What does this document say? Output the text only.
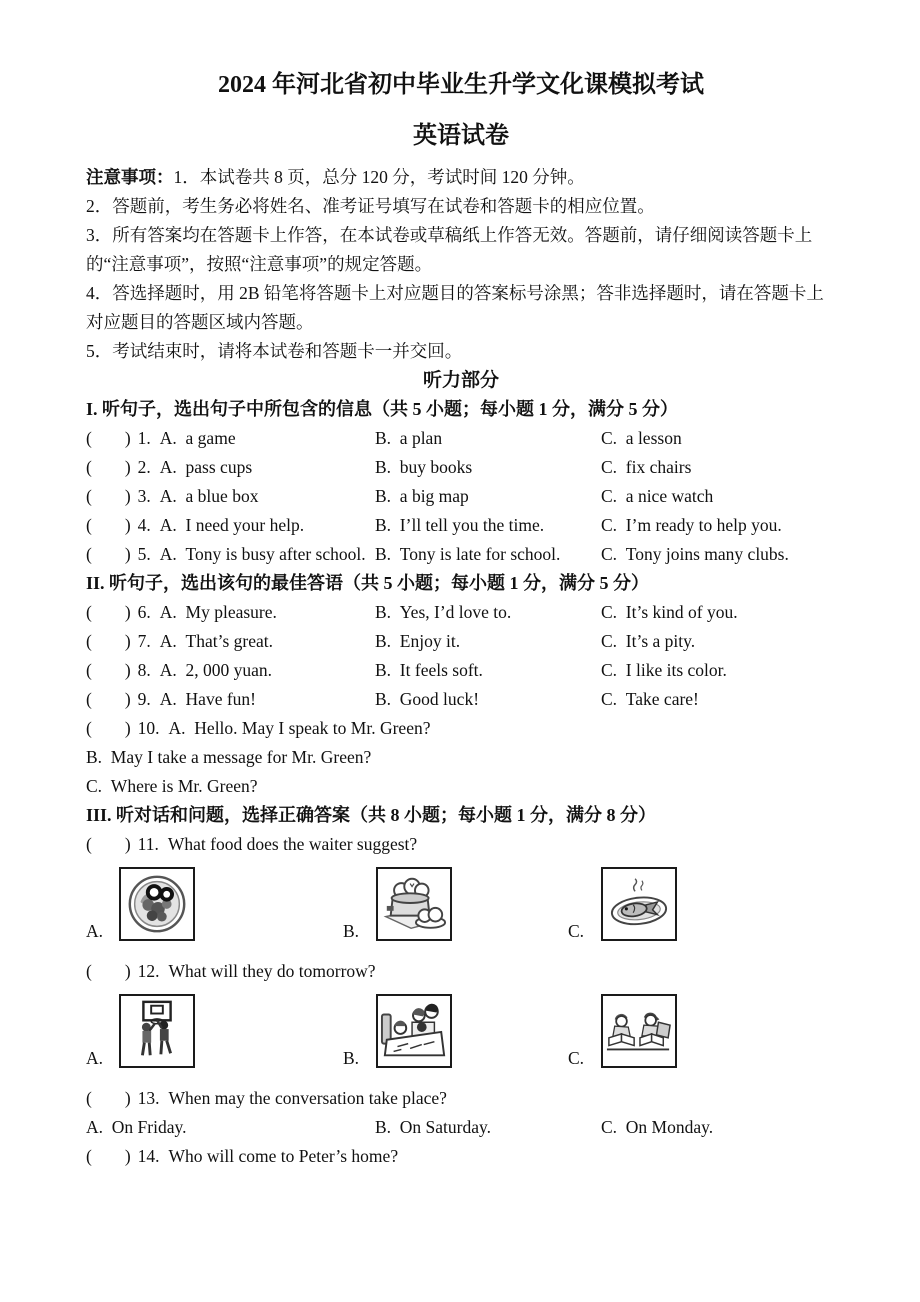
2024 年河北省初中毕业生升学文化课模拟考试
英语试卷
注意事项：1．本试卷共 8 页，总分 120 分，考试时间 120 分钟。
2．答题前，考生务必将姓名、准考证号填写在试卷和答题卡的相应位置。
3．所有答案均在答题卡上作答，在本试卷或草稿纸上作答无效。答题前，请仔细阅读答题卡上的“注意事项”，按照“注意事项”的规定答题。
4．答选择题时，用 2B 铅笔将答题卡上对应题目的答案标号涂黑；答非选择题时，请在答题卡上对应题目的答题区域内答题。
5．考试结束时，请将本试卷和答题卡一并交回。
听力部分
I. 听句子，选出句子中所包含的信息（共 5 小题；每小题 1 分，满分 5 分）
( ) 1. A. a game	B. a plan	C. a lesson
( ) 2. A. pass cups	B. buy books	C. fix chairs
( ) 3. A. a blue box	B. a big map	C. a nice watch
( ) 4. A. I need your help.	B. I’ll tell you the time.	C. I’m ready to help you.
( ) 5. A. Tony is busy after school. B. Tony is late for school.	C. Tony joins many clubs.
II. 听句子，选出该句的最佳答语（共 5 小题；每小题 1 分，满分 5 分）
( ) 6. A. My pleasure.	B. Yes, I’d love to.	C. It’s kind of you.
( ) 7. A. That’s great.	B. Enjoy it.	C. It’s a pity.
( ) 8. A. 2, 000 yuan.	B. It feels soft.	C. I like its color.
( ) 9. A. Have fun!	B. Good luck!	C. Take care!
( ) 10. A. Hello. May I speak to Mr. Green?
B. May I take a message for Mr. Green?
C. Where is Mr. Green?
III. 听对话和问题，选择正确答案（共 8 小题；每小题 1 分，满分 8 分）
( ) 11. What food does the waiter suggest?
A.	B.	C.
( ) 12. What will they do tomorrow?
A.	B.	C.
( ) 13. When may the conversation take place?
A. On Friday.	B. On Saturday.	C. On Monday.
( ) 14. Who will come to Peter’s home?
